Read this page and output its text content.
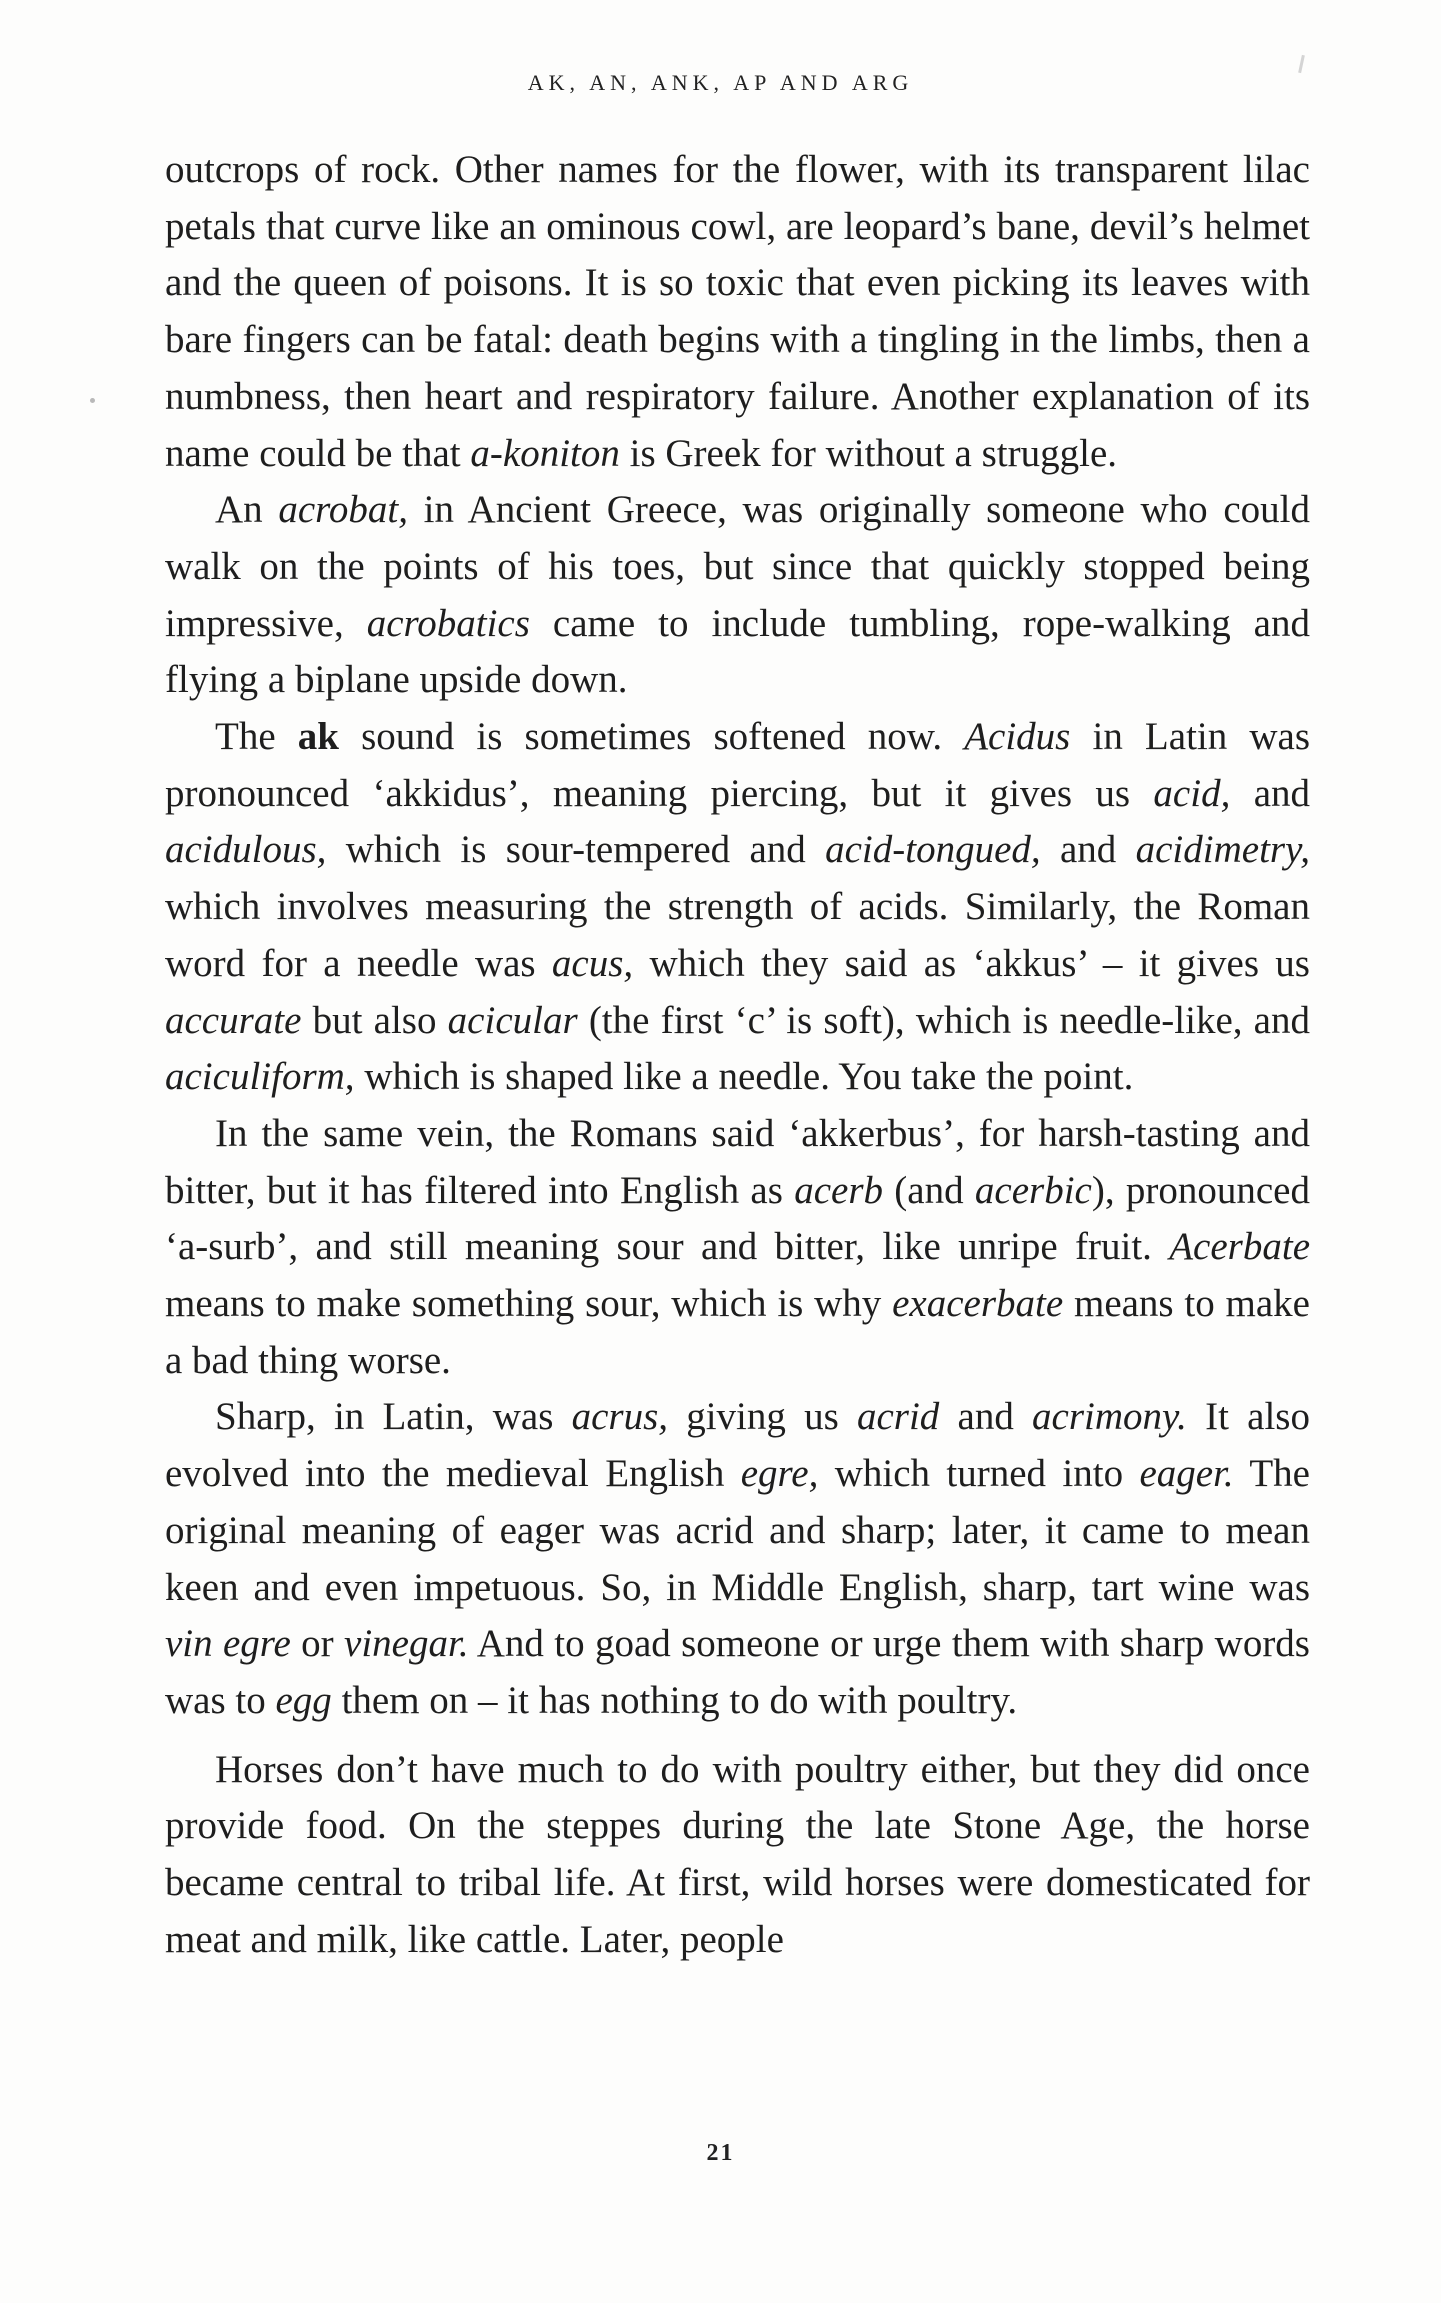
AK, AN, ANK, AP AND ARG

outcrops of rock. Other names for the flower, with its transparent lilac petals that curve like an ominous cowl, are leopard’s bane, devil’s helmet and the queen of poisons. It is so toxic that even picking its leaves with bare fingers can be fatal: death begins with a tingling in the limbs, then a numbness, then heart and respiratory failure. Another explanation of its name could be that a-koniton is Greek for without a struggle.

An acrobat, in Ancient Greece, was originally someone who could walk on the points of his toes, but since that quickly stopped being impressive, acrobatics came to include tumbling, rope-walking and flying a biplane upside down.

The ak sound is sometimes softened now. Acidus in Latin was pronounced ‘akkidus’, meaning piercing, but it gives us acid, and acidulous, which is sour-tempered and acid-tongued, and acidimetry, which involves measuring the strength of acids. Similarly, the Roman word for a needle was acus, which they said as ‘akkus’ – it gives us accurate but also acicular (the first ‘c’ is soft), which is needle-like, and aciculiform, which is shaped like a needle. You take the point.

In the same vein, the Romans said ‘akkerbus’, for harsh-tasting and bitter, but it has filtered into English as acerb (and acerbic), pronounced ‘a-surb’, and still meaning sour and bitter, like unripe fruit. Acerbate means to make something sour, which is why exacerbate means to make a bad thing worse.

Sharp, in Latin, was acrus, giving us acrid and acrimony. It also evolved into the medieval English egre, which turned into eager. The original meaning of eager was acrid and sharp; later, it came to mean keen and even impetuous. So, in Middle English, sharp, tart wine was vin egre or vinegar. And to goad someone or urge them with sharp words was to egg them on – it has nothing to do with poultry.

Horses don’t have much to do with poultry either, but they did once provide food. On the steppes during the late Stone Age, the horse became central to tribal life. At first, wild horses were domesticated for meat and milk, like cattle. Later, people

21
